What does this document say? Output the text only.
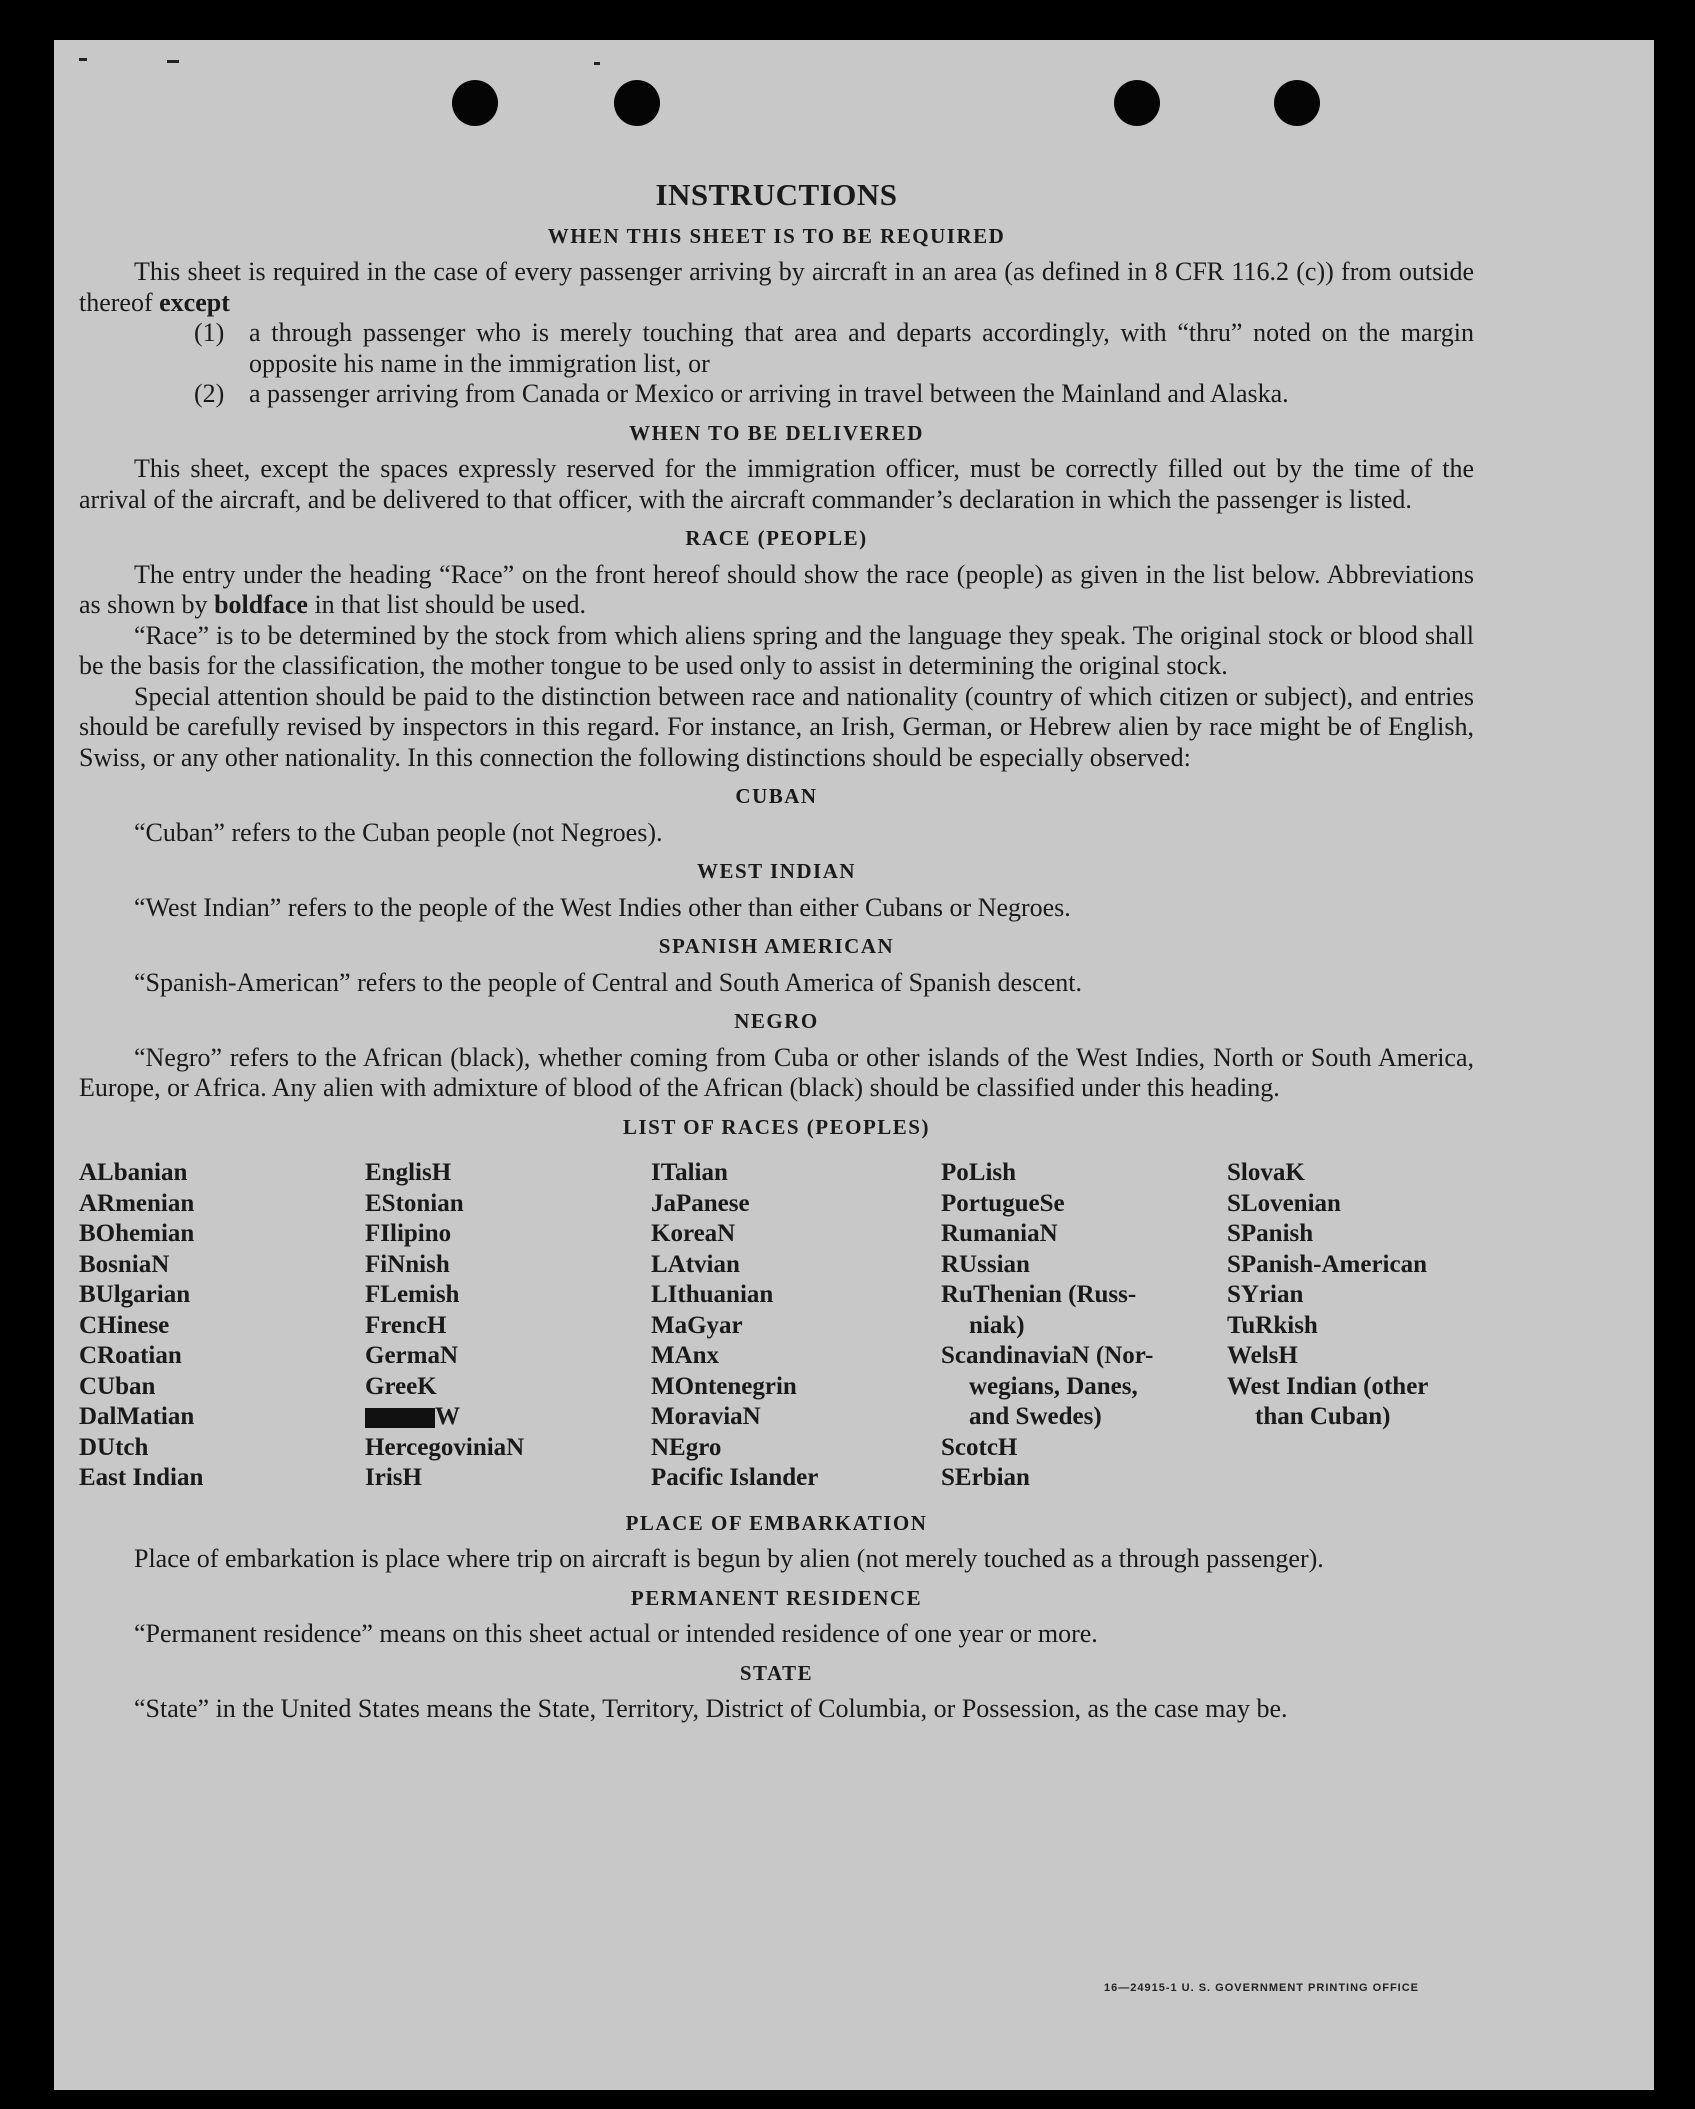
INSTRUCTIONS
WHEN THIS SHEET IS TO BE REQUIRED

This sheet is required in the case of every passenger arriving by aircraft in an area (as defined in 8 CFR 116.2 (c)) from outside thereof except

(1) a through passenger who is merely touching that area and departs accordingly, with “thru” noted on the margin opposite his name in the immigration list, or
(2) a passenger arriving from Canada or Mexico or arriving in travel between the Mainland and Alaska.
WHEN TO BE DELIVERED

This sheet, except the spaces expressly reserved for the immigration officer, must be correctly filled out by the time of the arrival of the aircraft, and be delivered to that officer, with the aircraft commander’s declaration in which the passenger is listed.

RACE (PEOPLE)

The entry under the heading “Race” on the front hereof should show the race (people) as given in the list below. Abbreviations as shown by boldface in that list should be used.

“Race” is to be determined by the stock from which aliens spring and the language they speak. The original stock or blood shall be the basis for the classification, the mother tongue to be used only to assist in determining the original stock.

Special attention should be paid to the distinction between race and nationality (country of which citizen or subject), and entries should be carefully revised by inspectors in this regard. For instance, an Irish, German, or Hebrew alien by race might be of English, Swiss, or any other nationality. In this connection the following distinctions should be especially observed:

CUBAN

“Cuban” refers to the Cuban people (not Negroes).

WEST INDIAN

“West Indian” refers to the people of the West Indies other than either Cubans or Negroes.

SPANISH AMERICAN

“Spanish-American” refers to the people of Central and South America of Spanish descent.

NEGRO

“Negro” refers to the African (black), whether coming from Cuba or other islands of the West Indies, North or South America, Europe, or Africa. Any alien with admixture of blood of the African (black) should be classified under this heading.

LIST OF RACES (PEOPLES)
ALbanian
ARmenian
BOhemian
BosniaN
BUlgarian
CHinese
CRoatian
CUban
DalMatian
DUtch
East Indian
EnglisH
EStonian
FIlipino
FiNnish
FLemish
FrencH
GermaN
GreeK
W
HercegoviniaN
IrisH
ITalian
JaPanese
KoreaN
LAtvian
LIthuanian
MaGyar
MAnx
MOntenegrin
MoraviaN
NEgro
Pacific Islander
PoLish
PortugueSe
RumaniaN
RUssian
RuThenian (Russ-
niak)
ScandinaviaN (Nor-
wegians, Danes,
and Swedes)
ScotcH
SErbian
SlovaK
SLovenian
SPanish
SPanish-American
SYrian
TuRkish
WelsH
West Indian (other
than Cuban)
PLACE OF EMBARKATION

Place of embarkation is place where trip on aircraft is begun by alien (not merely touched as a through passenger).

PERMANENT RESIDENCE

“Permanent residence” means on this sheet actual or intended residence of one year or more.

STATE

“State” in the United States means the State, Territory, District of Columbia, or Possession, as the case may be.

16—24915-1 U. S. GOVERNMENT PRINTING OFFICE
